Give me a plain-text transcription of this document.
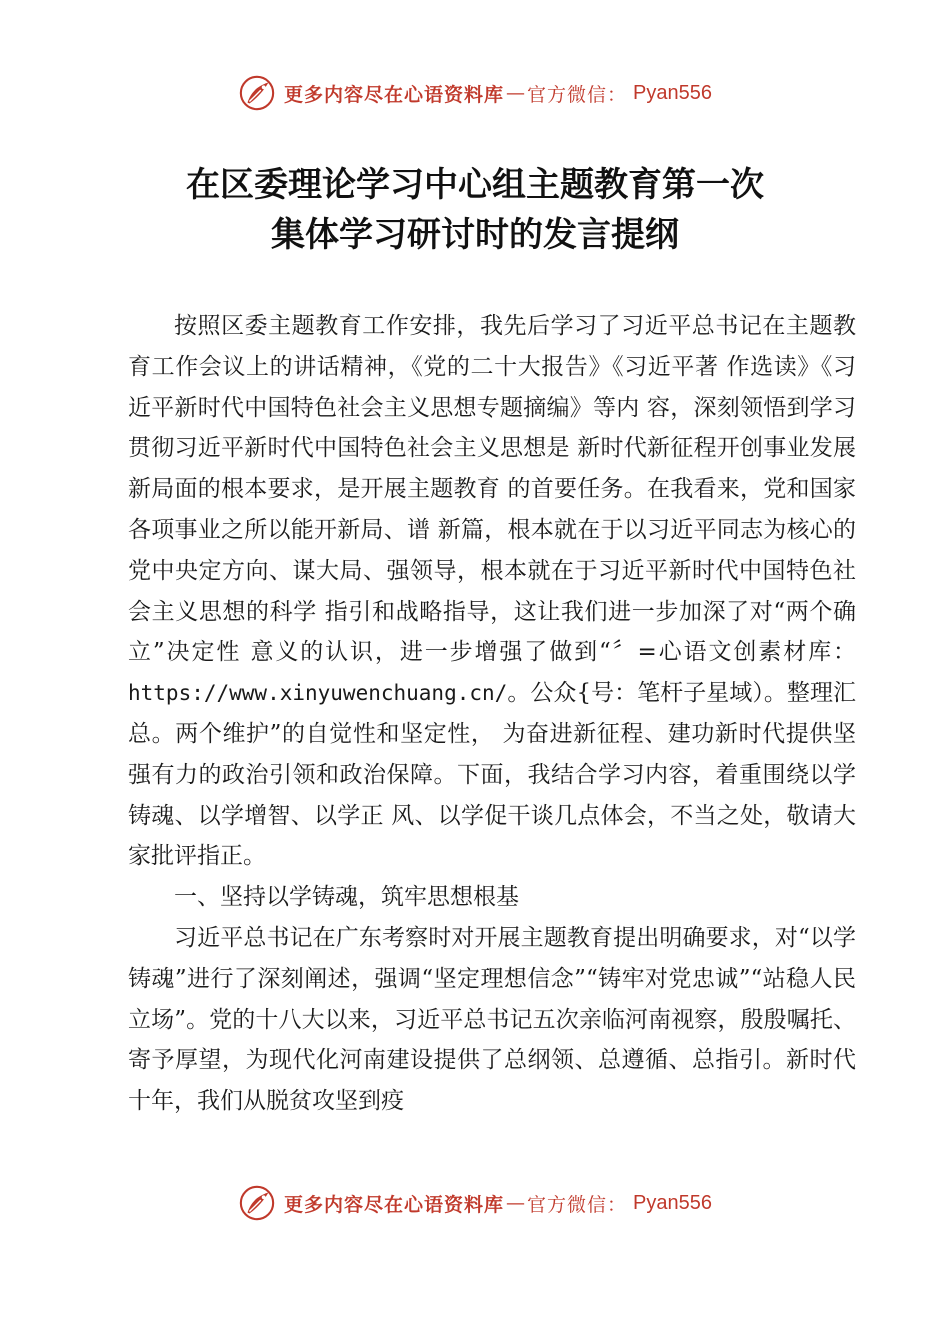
更多内容尽在心语资料库 — 官方微信： Pyan556
在区委理论学习中心组主题教育第一次
集体学习研讨时的发言提纲

按照区委主题教育工作安排，我先后学习了习近平总书记在主题教育工作会议上的讲话精神，《党的二十大报告》《习近平著 作选读》《习近平新时代中国特色社会主义思想专题摘编》等内 容，深刻领悟到学习贯彻习近平新时代中国特色社会主义思想是 新时代新征程开创事业发展新局面的根本要求，是开展主题教育 的首要任务。在我看来，党和国家各项事业之所以能开新局、谱 新篇，根本就在于以习近平同志为核心的党中央定方向、谋大局、强领导，根本就在于习近平新时代中国特色社会主义思想的科学 指引和战略指导，这让我们进一步加深了对“两个确立”决定性 意义的认识，进一步增强了做到“〞=心语文创素材库：https://www.xinyuwenchuang.cn/。公众{号：笔杆子星域）。整理汇总。两个维护”的自觉性和坚定性， 为奋进新征程、建功新时代提供坚强有力的政治引领和政治保障。下面，我结合学习内容，着重围绕以学铸魂、以学增智、以学正 风、以学促干谈几点体会，不当之处，敬请大家批评指正。

一、坚持以学铸魂，筑牢思想根基

习近平总书记在广东考察时对开展主题教育提出明确要求，对“以学铸魂”进行了深刻阐述，强调“坚定理想信念”“铸牢对党忠诚”“站稳人民立场”。党的十八大以来，习近平总书记五次亲临河南视察，殷殷嘱托、寄予厚望，为现代化河南建设提供了总纲领、总遵循、总指引。新时代十年，我们从脱贫攻坚到疫

更多内容尽在心语资料库 — 官方微信： Pyan556
